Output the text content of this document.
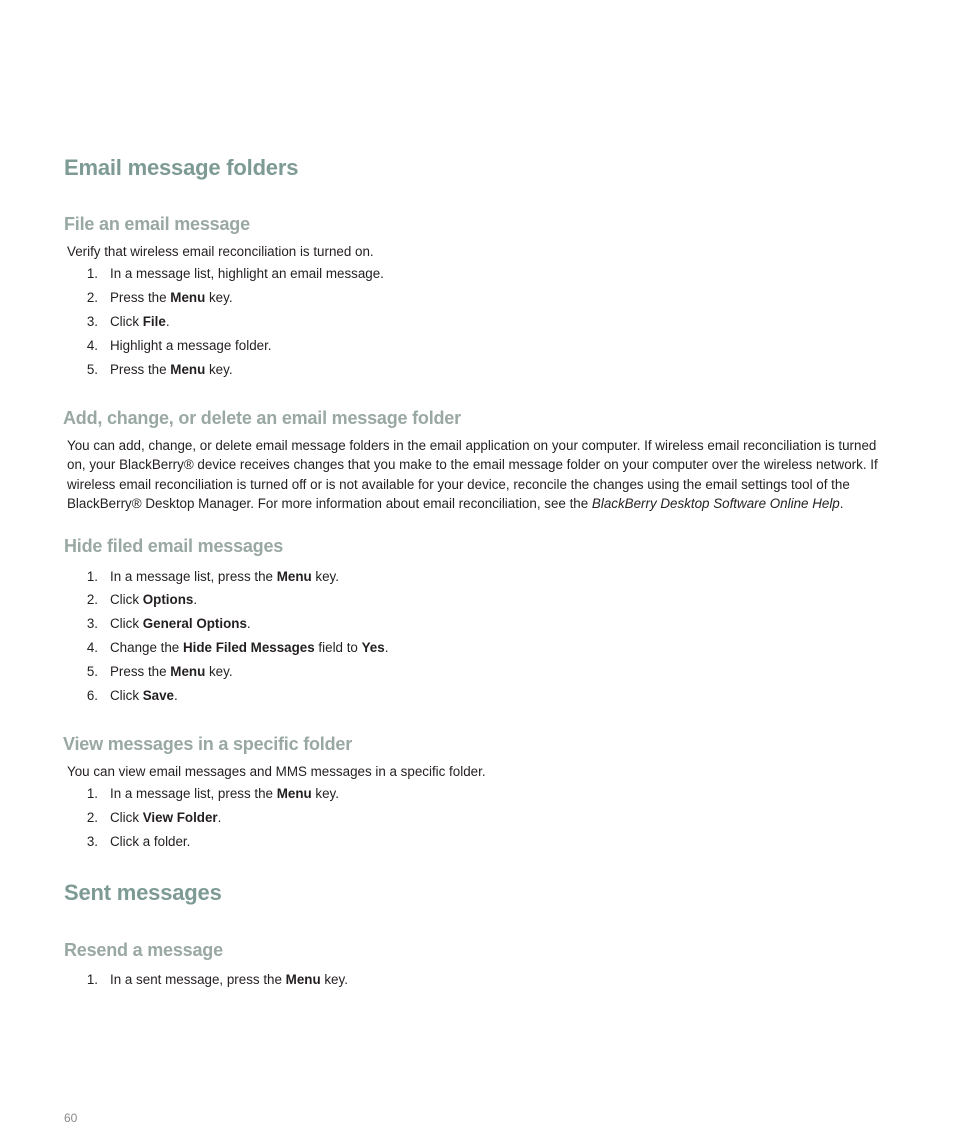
Email message folders
File an email message
Verify that wireless email reconciliation is turned on.
1. In a message list, highlight an email message.
2. Press the Menu key.
3. Click File.
4. Highlight a message folder.
5. Press the Menu key.
Add, change, or delete an email message folder
You can add, change, or delete email message folders in the email application on your computer. If wireless email reconciliation is turned on, your BlackBerry® device receives changes that you make to the email message folder on your computer over the wireless network. If wireless email reconciliation is turned off or is not available for your device, reconcile the changes using the email settings tool of the BlackBerry® Desktop Manager. For more information about email reconciliation, see the BlackBerry Desktop Software Online Help.
Hide filed email messages
1. In a message list, press the Menu key.
2. Click Options.
3. Click General Options.
4. Change the Hide Filed Messages field to Yes.
5. Press the Menu key.
6. Click Save.
View messages in a specific folder
You can view email messages and MMS messages in a specific folder.
1. In a message list, press the Menu key.
2. Click View Folder.
3. Click a folder.
Sent messages
Resend a message
1. In a sent message, press the Menu key.
60
